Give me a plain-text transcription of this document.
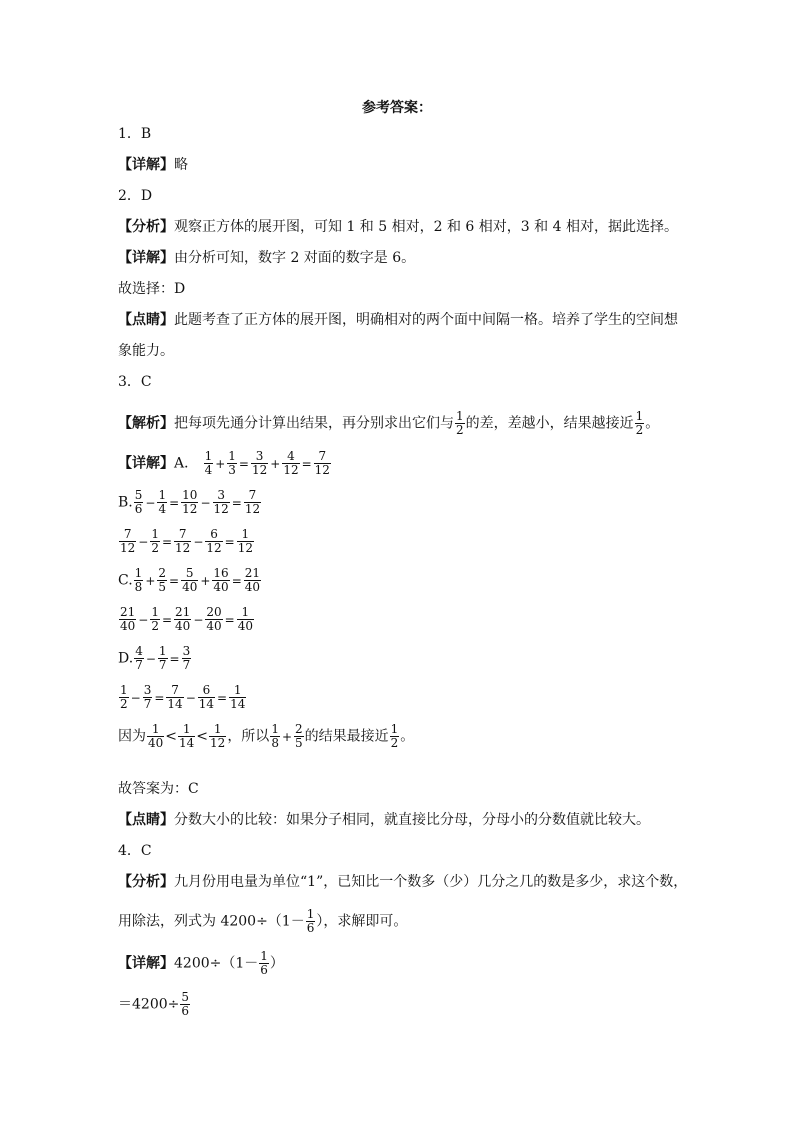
参考答案：
1．B
【详解】略
2．D
【分析】观察正方体的展开图，可知 1 和 5 相对，2 和 6 相对，3 和 4 相对，据此选择。
【详解】由分析可知，数字 2 对面的数字是 6。
故选择：D
【点睛】此题考查了正方体的展开图，明确相对的两个面中间隔一格。培养了学生的空间想
象能力。
3．C
【解析】把每项先通分计算出结果，再分别求出它们与 $\frac{1}{2}$ 的差，差越小，结果越接近 $\frac{1}{2}$ 。
【详解】A． $\frac{1}{4} + \frac{1}{3} = \frac{3}{12} + \frac{4}{12} = \frac{7}{12}$
B. $\frac{5}{6} - \frac{1}{4} = \frac{10}{12} - \frac{3}{12} = \frac{7}{12}$
$\frac{7}{12} - \frac{1}{2} = \frac{7}{12} - \frac{6}{12} = \frac{1}{12}$
C. $\frac{1}{8} + \frac{2}{5} = \frac{5}{40} + \frac{16}{40} = \frac{21}{40}$
$\frac{21}{40} - \frac{1}{2} = \frac{21}{40} - \frac{20}{40} = \frac{1}{40}$
D. $\frac{4}{7} - \frac{1}{7} = \frac{3}{7}$
$\frac{1}{2} - \frac{3}{7} = \frac{7}{14} - \frac{6}{14} = \frac{1}{14}$
因为 $\frac{1}{40} < \frac{1}{14} < \frac{1}{12}$ ，所以 $\frac{1}{8} + \frac{2}{5}$ 的结果最接近 $\frac{1}{2}$ 。
故答案为：C
【点睛】分数大小的比较：如果分子相同，就直接比分母，分母小的分数值就比较大。
4．C
【分析】九月份用电量为单位“1”，已知比一个数多（少）几分之几的数是多少，求这个数，
用除法，列式为 $4200\div(1- \frac{1}{6}$ ），求解即可。
【详解】$4200\div(1- \frac{1}{6}$ ）
$=4200\div \frac{5}{6}$
